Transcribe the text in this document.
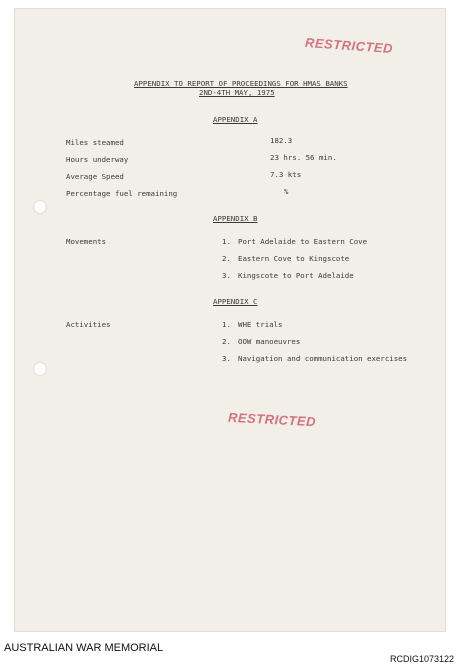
RESTRICTED
APPENDIX TO REPORT OF PROCEEDINGS FOR HMAS BANKS
2ND-4TH MAY, 1975
APPENDIX A
Miles steamed	182.3
Hours underway	23 hrs. 56 min.
Average Speed	7.3 kts
Percentage fuel remaining	%
APPENDIX B
Movements	1. Port Adelaide to Eastern Cove
2. Eastern Cove to Kingscote
3. Kingscote to Port Adelaide
APPENDIX C
Activities	1. WHE trials
2. OOW manoeuvres
3. Navigation and communication exercises
RESTRICTED
AUSTRALIAN WAR MEMORIAL
RCDIG1073122
